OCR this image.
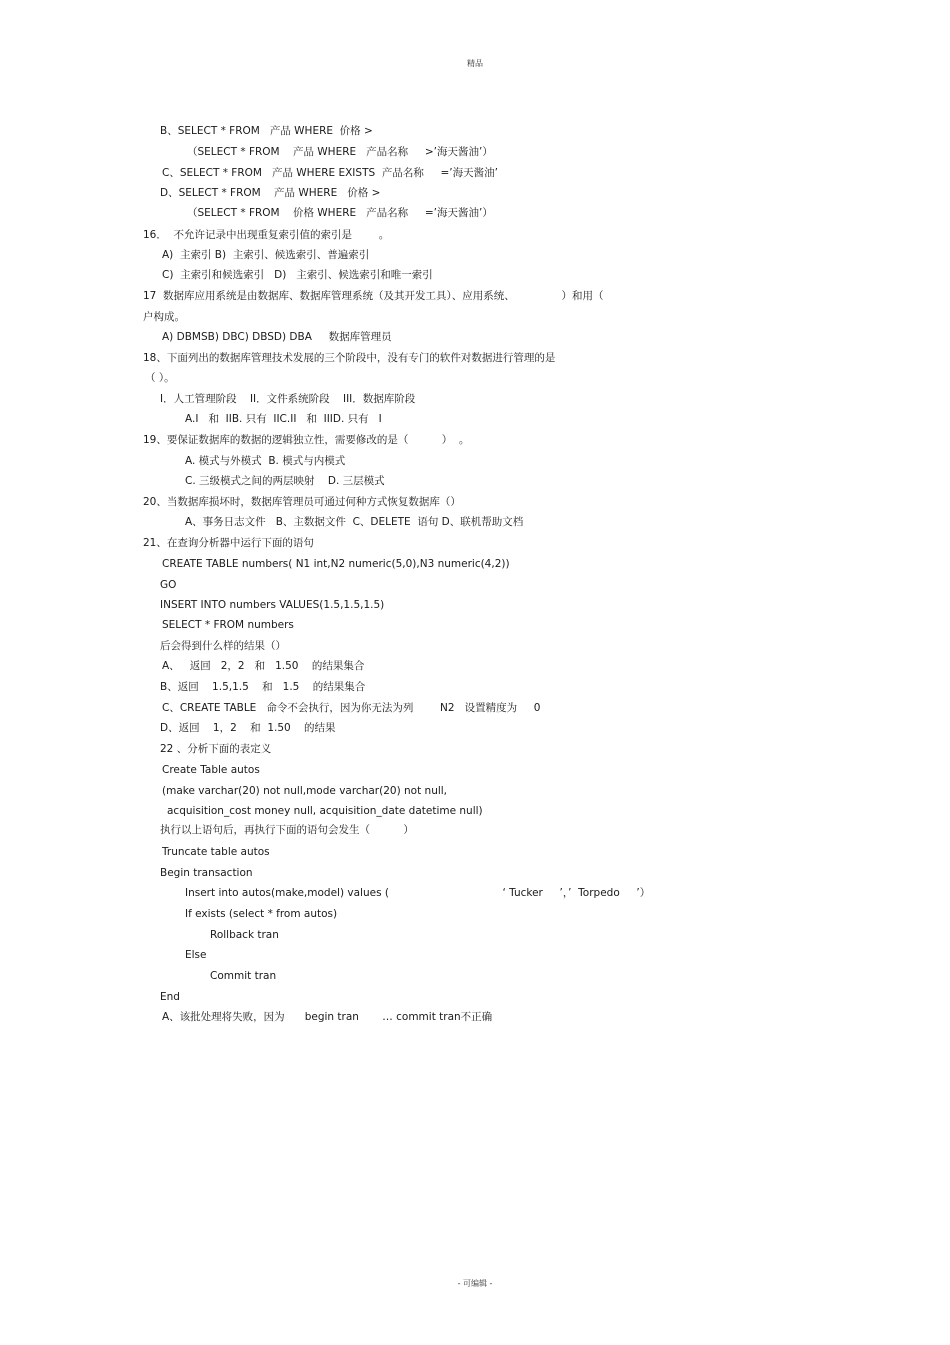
精品
B、SELECT * FROM   产品 WHERE  价格 >
（SELECT * FROM    产品 WHERE   产品名称     >’海天酱油’）
C、SELECT * FROM   产品 WHERE EXISTS  产品名称     =’海天酱油’
D、SELECT * FROM    产品 WHERE   价格 >
（SELECT * FROM    价格 WHERE   产品名称     =’海天酱油’）
16．  不允许记录中出现重复索引值的索引是        。
A)  主索引 B)  主索引、候选索引、普遍索引
C)  主索引和候选索引   D)   主索引、候选索引和唯一索引
17  数据库应用系统是由数据库、数据库管理系统（及其开发工具）、应用系统、              ）和用（
户构成。
A) DBMSB) DBC) DBSD) DBA     数据库管理员
18、下面列出的数据库管理技术发展的三个阶段中，没有专门的软件对数据进行管理的是
（ ）。
I．人工管理阶段    II．文件系统阶段    III．数据库阶段
A.I   和  IIB. 只有  IIC.II   和  IIID. 只有   I
19、要保证数据库的数据的逻辑独立性，需要修改的是（          ）  。
A. 模式与外模式  B. 模式与内模式
C. 三级模式之间的两层映射    D. 三层模式
20、当数据库损坏时，数据库管理员可通过何种方式恢复数据库（）
A、事务日志文件   B、主数据文件  C、DELETE  语句 D、联机帮助文档
21、在查询分析器中运行下面的语句
CREATE TABLE numbers( N1 int,N2 numeric(5,0),N3 numeric(4,2))
GO
INSERT INTO numbers VALUES(1.5,1.5,1.5)
SELECT * FROM numbers
后会得到什么样的结果（）
A、   返回   2，2   和   1.50    的结果集合
B、返回    1.5,1.5    和   1.5    的结果集合
C、CREATE TABLE   命令不会执行，因为你无法为列        N2   设置精度为     0
D、返回    1，2    和  1.50    的结果
22 、分析下面的表定义
Create Table autos
(make varchar(20) not null,mode varchar(20) not null,
acquisition_cost money null, acquisition_date datetime null)
执行以上语句后，再执行下面的语句会发生（          ）
Truncate table autos
Begin transaction
Insert into autos(make,model) values (                                  ‘ Tucker     ’，’  Torpedo     ’）
If exists (select * from autos)
Rollback tran
Else
Commit tran
End
A、该批处理将失败，因为      begin tran       … commit tran不正确
- 可编辑 -
